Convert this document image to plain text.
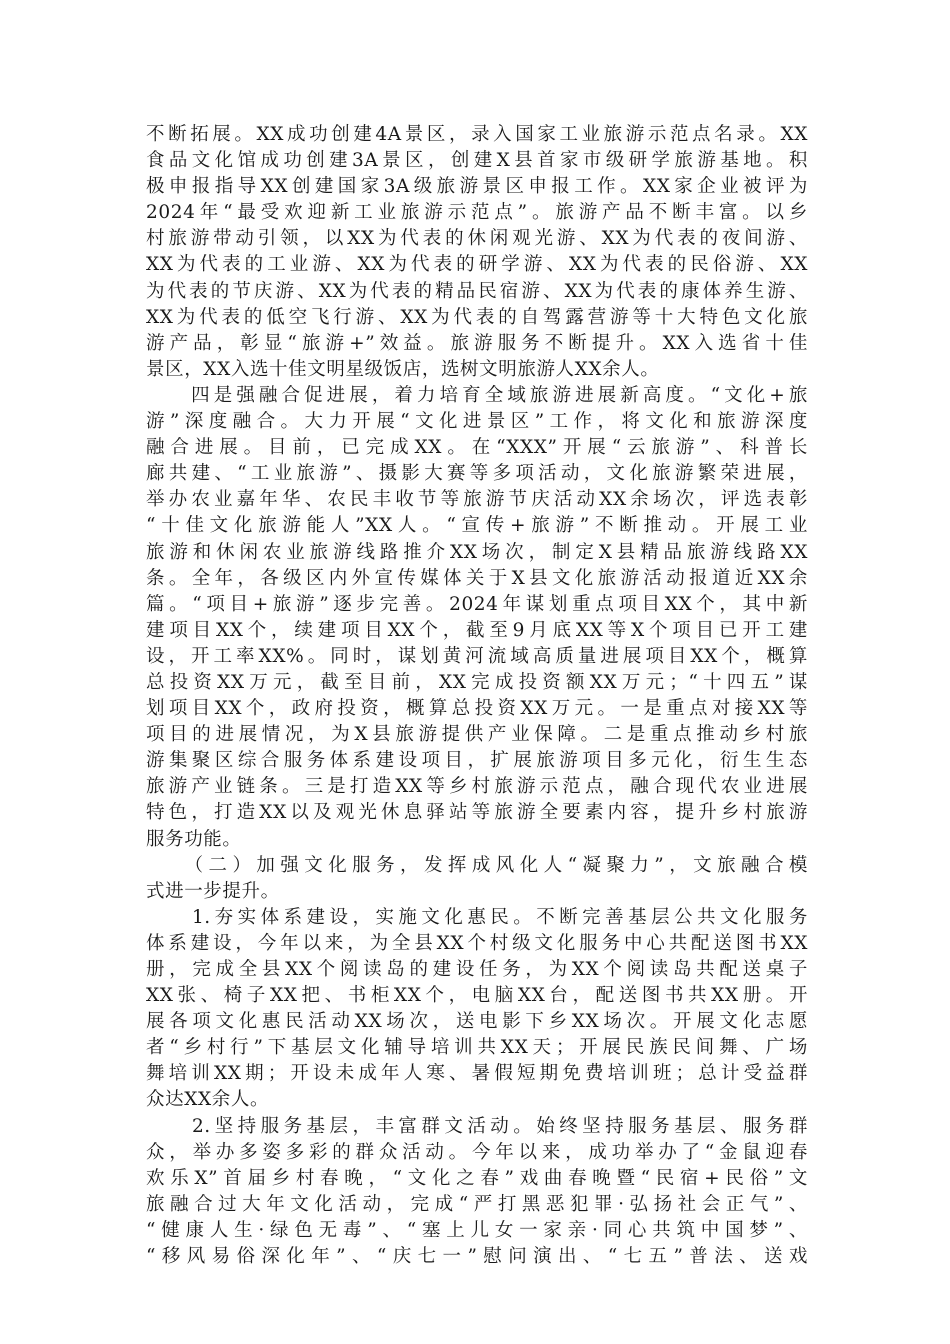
不断拓展。XX成功创建4A景区，录入国家工业旅游示范点名录。XX
食品文化馆成功创建3A景区，创建X县首家市级研学旅游基地。积
极申报指导XX创建国家3A级旅游景区申报工作。XX家企业被评为
2024年“最受欢迎新工业旅游示范点”。旅游产品不断丰富。以乡
村旅游带动引领，以XX为代表的休闲观光游、XX为代表的夜间游、
XX为代表的工业游、XX为代表的研学游、XX为代表的民俗游、XX
为代表的节庆游、XX为代表的精品民宿游、XX为代表的康体养生游、
XX为代表的低空飞行游、XX为代表的自驾露营游等十大特色文化旅
游产品，彰显“旅游+”效益。旅游服务不断提升。XX入选省十佳
景区，XX入选十佳文明星级饭店，选树文明旅游人XX余人。
　　四是强融合促进展，着力培育全域旅游进展新高度。“文化+旅
游”深度融合。大力开展“文化进景区”工作，将文化和旅游深度
融合进展。目前，已完成XX。在“XXX”开展“云旅游”、科普长
廊共建、“工业旅游”、摄影大赛等多项活动，文化旅游繁荣进展，
举办农业嘉年华、农民丰收节等旅游节庆活动XX余场次，评选表彰
“十佳文化旅游能人”XX人。“宣传+旅游”不断推动。开展工业
旅游和休闲农业旅游线路推介XX场次，制定X县精品旅游线路XX
条。全年，各级区内外宣传媒体关于X县文化旅游活动报道近XX余
篇。“项目+旅游”逐步完善。2024年谋划重点项目XX个，其中新
建项目XX个，续建项目XX个，截至9月底XX等X个项目已开工建
设，开工率XX%。同时，谋划黄河流域高质量进展项目XX个，概算
总投资XX万元，截至目前，XX完成投资额XX万元；“十四五”谋
划项目XX个，政府投资，概算总投资XX万元。一是重点对接XX等
项目的进展情况，为X县旅游提供产业保障。二是重点推动乡村旅
游集聚区综合服务体系建设项目，扩展旅游项目多元化，衍生生态
旅游产业链条。三是打造XX等乡村旅游示范点，融合现代农业进展
特色，打造XX以及观光休息驿站等旅游全要素内容，提升乡村旅游
服务功能。
　　（二）加强文化服务，发挥成风化人“凝聚力”，文旅融合模
式进一步提升。
　　1.夯实体系建设，实施文化惠民。不断完善基层公共文化服务
体系建设，今年以来，为全县XX个村级文化服务中心共配送图书XX
册，完成全县XX个阅读岛的建设任务，为XX个阅读岛共配送桌子
XX张、椅子XX把、书柜XX个，电脑XX台，配送图书共XX册。开
展各项文化惠民活动XX场次，送电影下乡XX场次。开展文化志愿
者“乡村行”下基层文化辅导培训共XX天；开展民族民间舞、广场
舞培训XX期；开设未成年人寒、暑假短期免费培训班；总计受益群
众达XX余人。
　　2.坚持服务基层，丰富群文活动。始终坚持服务基层、服务群
众，举办多姿多彩的群众活动。今年以来，成功举办了“金鼠迎春
欢乐X”首届乡村春晚，“文化之春”戏曲春晚暨“民宿+民俗”文
旅融合过大年文化活动，完成“严打黑恶犯罪·弘扬社会正气”、
“健康人生·绿色无毒”、“塞上儿女一家亲·同心共筑中国梦”、
“移风易俗深化年”、“庆七一”慰问演出、“七五”普法、送戏
